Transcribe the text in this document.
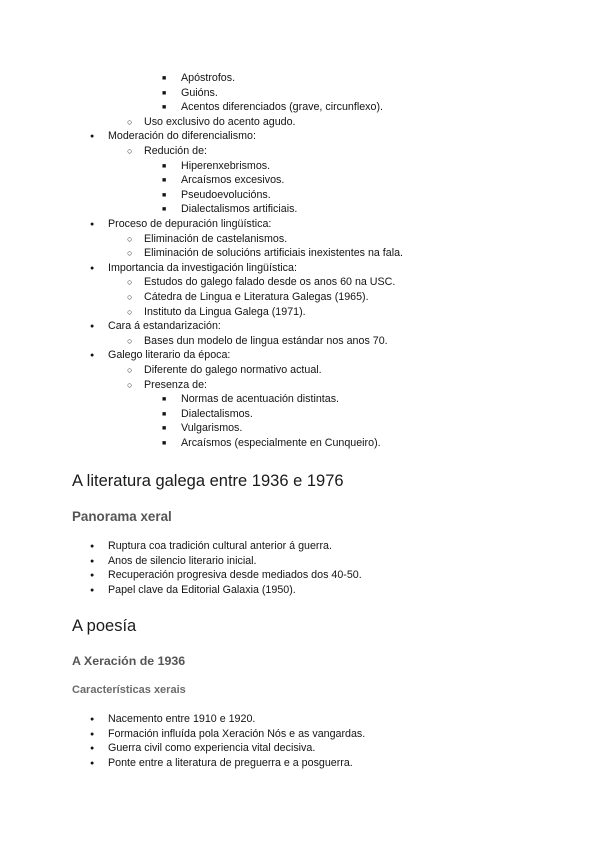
■
Apóstrofos.
■
Guións.
■
Acentos diferenciados (grave, circunflexo).
○
Uso exclusivo do acento agudo.
●
Moderación do diferencialismo:
○
Redución de:
■
Hiperenxebrismos.
■
Arcaísmos excesivos.
■
Pseudoevolucións.
■
Dialectalismos artificiais.
●
Proceso de depuración lingüística:
○
Eliminación de castelanismos.
○
Eliminación de solucións artificiais inexistentes na fala.
●
Importancia da investigación lingüística:
○
Estudos do galego falado desde os anos 60 na USC.
○
Cátedra de Lingua e Literatura Galegas (1965).
○
Instituto da Lingua Galega (1971).
●
Cara á estandarización:
○
Bases dun modelo de lingua estándar nos anos 70.
●
Galego literario da época:
○
Diferente do galego normativo actual.
○
Presenza de:
■
Normas de acentuación distintas.
■
Dialectalismos.
■
Vulgarismos.
■
Arcaísmos (especialmente en Cunqueiro).
A literatura galega entre 1936 e 1976
Panorama xeral
●
Ruptura coa tradición cultural anterior á guerra.
●
Anos de silencio literario inicial.
●
Recuperación progresiva desde mediados dos 40-50.
●
Papel clave da Editorial Galaxia (1950).
A poesía
A Xeración de 1936
Características xerais
●
Nacemento entre 1910 e 1920.
●
Formación influída pola Xeración Nós e as vangardas.
●
Guerra civil como experiencia vital decisiva.
●
Ponte entre a literatura de preguerra e a posguerra.
